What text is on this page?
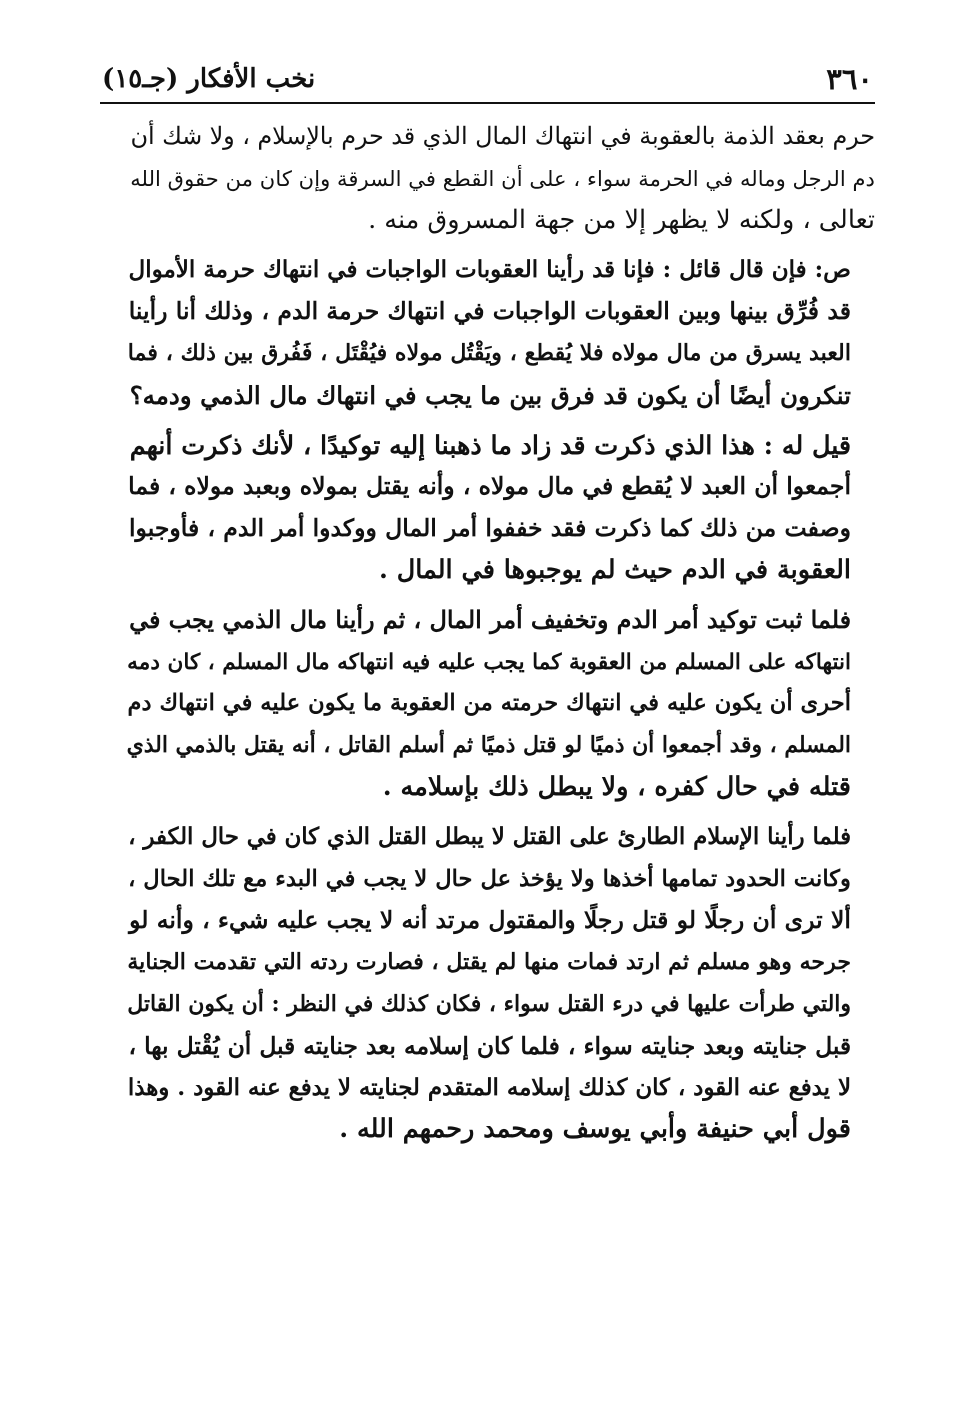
٣٦٠
نخب الأفكار (جـ١٥)

حرم بعقد الذمة بالعقوبة في انتهاك المال الذي قد حرم بالإسلام ، ولا شك أن
دم الرجل وماله في الحرمة سواء ، على أن القطع في السرقة وإن كان من حقوق الله
تعالى ، ولكنه لا يظهر إلا من جهة المسروق منه .

ص: فإن قال قائل : فإنا قد رأينا العقوبات الواجبات في انتهاك حرمة الأموال
قد فُرِّق بينها وبين العقوبات الواجبات في انتهاك حرمة الدم ، وذلك أنا رأينا
العبد يسرق من مال مولاه فلا يُقطع ، ويَقْتُل مولاه فيُقْتَل ، فَفُرق بين ذلك ، فما
تنكرون أيضًا أن يكون قد فرق بين ما يجب في انتهاك مال الذمي ودمه؟

قيل له : هذا الذي ذكرت قد زاد ما ذهبنا إليه توكيدًا ، لأنك ذكرت أنهم
أجمعوا أن العبد لا يُقطع في مال مولاه ، وأنه يقتل بمولاه وبعبد مولاه ، فما
وصفت من ذلك كما ذكرت فقد خففوا أمر المال ووكدوا أمر الدم ، فأوجبوا
العقوبة في الدم حيث لم يوجبوها في المال .

فلما ثبت توكيد أمر الدم وتخفيف أمر المال ، ثم رأينا مال الذمي يجب في
انتهاكه على المسلم من العقوبة كما يجب عليه فيه انتهاكه مال المسلم ، كان دمه
أحرى أن يكون عليه في انتهاك حرمته من العقوبة ما يكون عليه في انتهاك دم
المسلم ، وقد أجمعوا أن ذميًا لو قتل ذميًا ثم أسلم القاتل ، أنه يقتل بالذمي الذي
قتله في حال كفره ، ولا يبطل ذلك بإسلامه .

فلما رأينا الإسلام الطارئ على القتل لا يبطل القتل الذي كان في حال الكفر ،
وكانت الحدود تمامها أخذها ولا يؤخذ عل حال لا يجب في البدء مع تلك الحال ،
ألا ترى أن رجلًا لو قتل رجلًا والمقتول مرتد أنه لا يجب عليه شيء ، وأنه لو
جرحه وهو مسلم ثم ارتد فمات منها لم يقتل ، فصارت ردته التي تقدمت الجناية
والتي طرأت عليها في درء القتل سواء ، فكان كذلك في النظر : أن يكون القاتل
قبل جنايته وبعد جنايته سواء ، فلما كان إسلامه بعد جنايته قبل أن يُقْتل بها ،
لا يدفع عنه القود ، كان كذلك إسلامه المتقدم لجنايته لا يدفع عنه القود . وهذا
قول أبي حنيفة وأبي يوسف ومحمد رحمهم الله .
